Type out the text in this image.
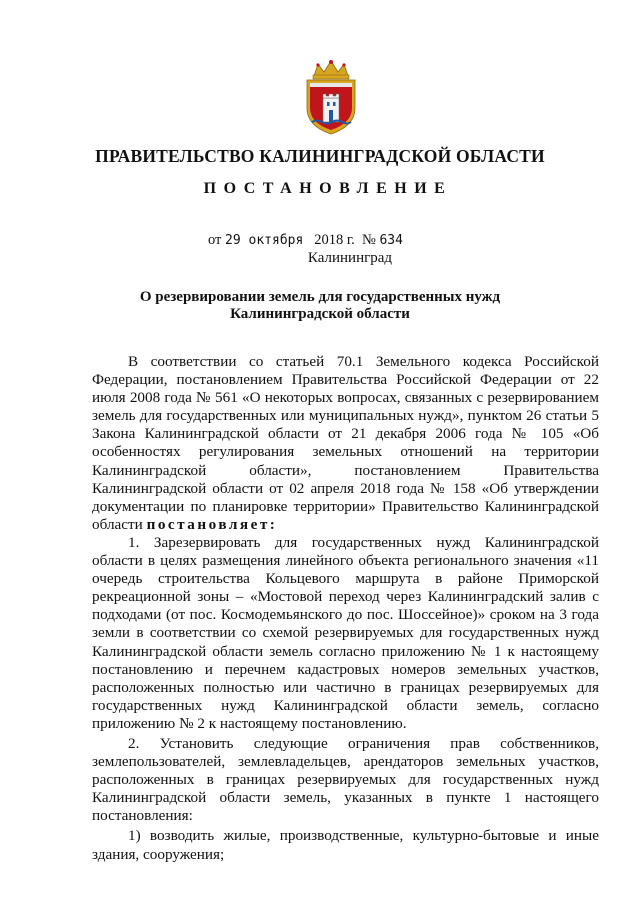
ПРАВИТЕЛЬСТВО КАЛИНИНГРАДСКОЙ ОБЛАСТИ
ПОСТАНОВЛЕНИЕ
от 29 октября 2018 г. № 634
Калининград
О резервировании земель для государственных нужд
Калининградской области

В соответствии со статьей 70.1 Земельного кодекса Российской Федерации, постановлением Правительства Российской Федерации от 22 июля 2008 года № 561 «О некоторых вопросах, связанных с резервированием земель для государственных или муниципальных нужд», пунктом 26 статьи 5 Закона Калининградской области от 21 декабря 2006 года № 105 «Об особенностях регулирования земельных отношений на территории Калининградской области», постановлением Правительства Калининградской области от 02 апреля 2018 года № 158 «Об утверждении документации по планировке территории» Правительство Калининградской области постановляет:

1. Зарезервировать для государственных нужд Калининградской области в целях размещения линейного объекта регионального значения «11 очередь строительства Кольцевого маршрута в районе Приморской рекреационной зоны – «Мостовой переход через Калининградский залив с подходами (от пос. Космодемьянского до пос. Шоссейное)» сроком на 3 года земли в соответствии со схемой резервируемых для государственных нужд Калининградской области земель согласно приложению № 1 к настоящему постановлению и перечнем кадастровых номеров земельных участков, расположенных полностью или частично в границах резервируемых для государственных нужд Калининградской области земель, согласно приложению № 2 к настоящему постановлению.

2. Установить следующие ограничения прав собственников, землепользователей, землевладельцев, арендаторов земельных участков, расположенных в границах резервируемых для государственных нужд Калининградской области земель, указанных в пункте 1 настоящего постановления:

1) возводить жилые, производственные, культурно-бытовые и иные здания, сооружения;
